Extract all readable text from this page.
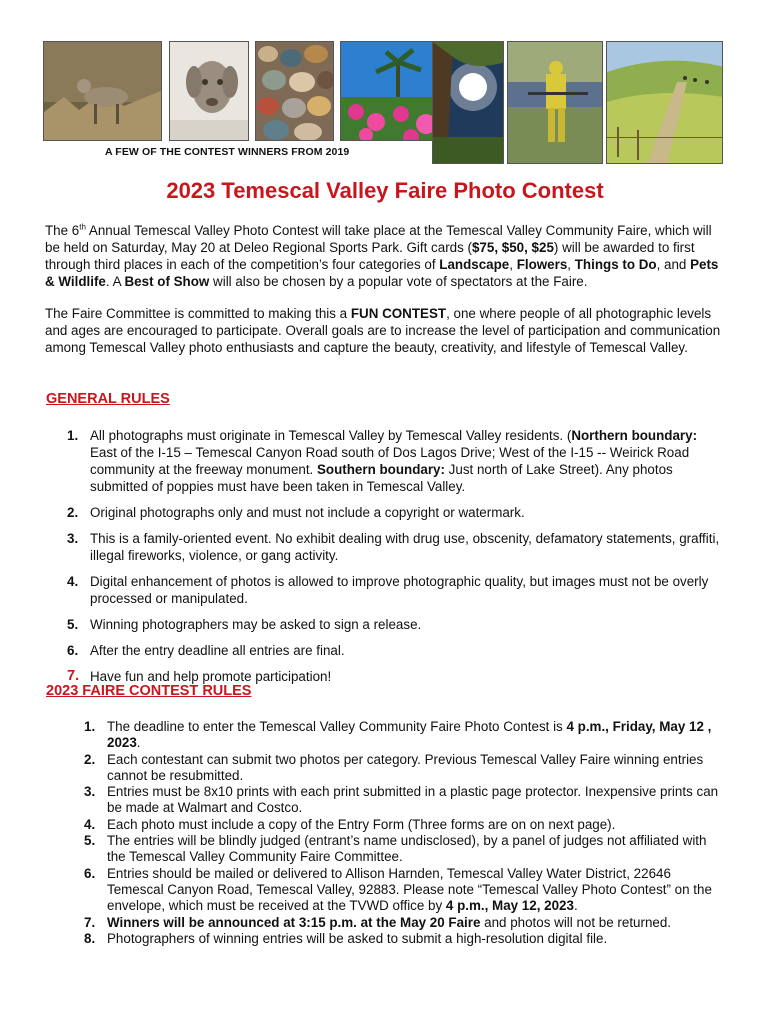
A FEW OF THE CONTEST WINNERS FROM 2019
2023 Temescal Valley Faire Photo Contest

The 6th Annual Temescal Valley Photo Contest will take place at the Temescal Valley Community Faire, which will be held on Saturday, May 20 at Deleo Regional Sports Park. Gift cards ($75, $50, $25) will be awarded to first through third places in each of the competition’s four categories of Landscape, Flowers, Things to Do, and Pets & Wildlife. A Best of Show will also be chosen by a popular vote of spectators at the Faire.

The Faire Committee is committed to making this a FUN CONTEST, one where people of all photographic levels and ages are encouraged to participate. Overall goals are to increase the level of participation and communication among Temescal Valley photo enthusiasts and capture the beauty, creativity, and lifestyle of Temescal Valley.

GENERAL RULES
1. All photographs must originate in Temescal Valley by Temescal Valley residents. (Northern boundary: East of the I-15 – Temescal Canyon Road south of Dos Lagos Drive; West of the I-15 -- Weirick Road community at the freeway monument. Southern boundary: Just north of Lake Street). Any photos submitted of poppies must have been taken in Temescal Valley.
2. Original photographs only and must not include a copyright or watermark.
3. This is a family-oriented event. No exhibit dealing with drug use, obscenity, defamatory statements, graffiti, illegal fireworks, violence, or gang activity.
4. Digital enhancement of photos is allowed to improve photographic quality, but images must not be overly processed or manipulated.
5. Winning photographers may be asked to sign a release.
6. After the entry deadline all entries are final.
7. Have fun and help promote participation!
2023 FAIRE CONTEST RULES
1. The deadline to enter the Temescal Valley Community Faire Photo Contest is 4 p.m., Friday, May 12 , 2023.
2. Each contestant can submit two photos per category. Previous Temescal Valley Faire winning entries cannot be resubmitted.
3. Entries must be 8x10 prints with each print submitted in a plastic page protector. Inexpensive prints can be made at Walmart and Costco.
4. Each photo must include a copy of the Entry Form (Three forms are on on next page).
5. The entries will be blindly judged (entrant’s name undisclosed), by a panel of judges not affiliated with the Temescal Valley Community Faire Committee.
6. Entries should be mailed or delivered to Allison Harnden, Temescal Valley Water District, 22646 Temescal Canyon Road, Temescal Valley, 92883. Please note “Temescal Valley Photo Contest” on the envelope, which must be received at the TVWD office by 4 p.m., May 12, 2023.
7. Winners will be announced at 3:15 p.m. at the May 20 Faire and photos will not be returned.
8. Photographers of winning entries will be asked to submit a high-resolution digital file.
